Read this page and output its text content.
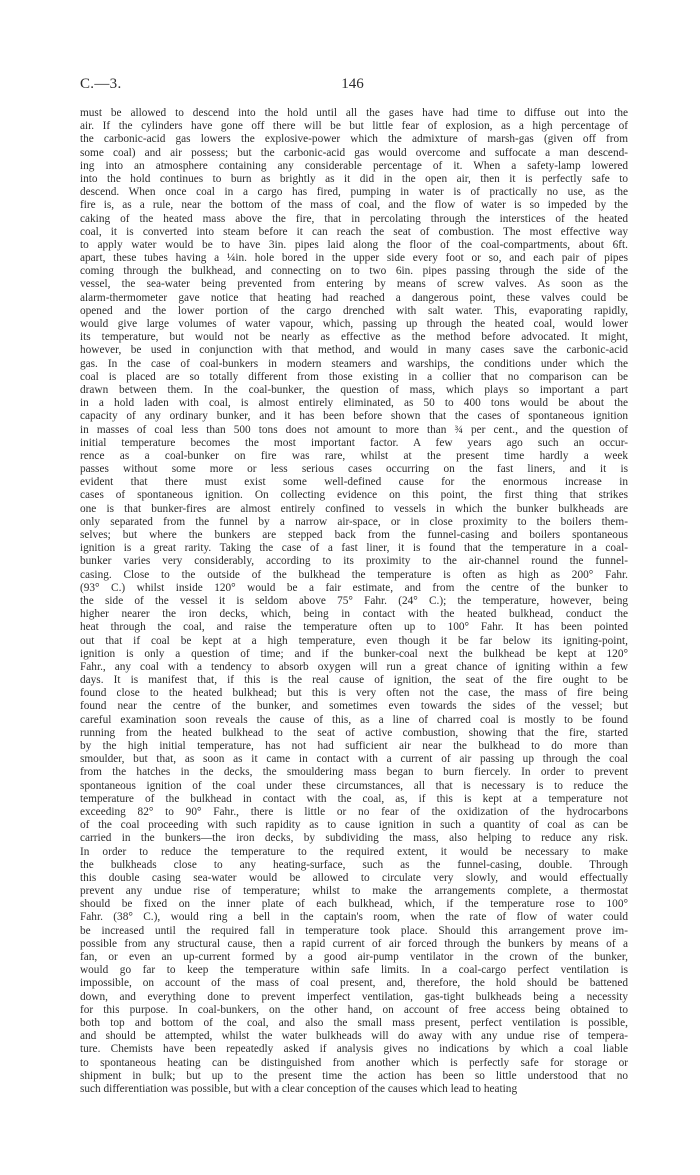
C.—3.	146
must be allowed to descend into the hold until all the gases have had time to diffuse out into the
air. If the cylinders have gone off there will be but little fear of explosion, as a high percentage of
the carbonic-acid gas lowers the explosive-power which the admixture of marsh-gas (given off from
some coal) and air possess; but the carbonic-acid gas would overcome and suffocate a man descend-
ing into an atmosphere containing any considerable percentage of it. When a safety-lamp lowered
into the hold continues to burn as brightly as it did in the open air, then it is perfectly safe to
descend. When once coal in a cargo has fired, pumping in water is of practically no use, as the
fire is, as a rule, near the bottom of the mass of coal, and the flow of water is so impeded by the
caking of the heated mass above the fire, that in percolating through the interstices of the heated
coal, it is converted into steam before it can reach the seat of combustion. The most effective way
to apply water would be to have 3in. pipes laid along the floor of the coal-compartments, about 6ft.
apart, these tubes having a ¼in. hole bored in the upper side every foot or so, and each pair of pipes
coming through the bulkhead, and connecting on to two 6in. pipes passing through the side of the
vessel, the sea-water being prevented from entering by means of screw valves. As soon as the
alarm-thermometer gave notice that heating had reached a dangerous point, these valves could be
opened and the lower portion of the cargo drenched with salt water. This, evaporating rapidly,
would give large volumes of water vapour, which, passing up through the heated coal, would lower
its temperature, but would not be nearly as effective as the method before advocated. It might,
however, be used in conjunction with that method, and would in many cases save the carbonic-acid
gas. In the case of coal-bunkers in modern steamers and warships, the conditions under which the
coal is placed are so totally different from those existing in a collier that no comparison can be
drawn between them. In the coal-bunker, the question of mass, which plays so important a part
in a hold laden with coal, is almost entirely eliminated, as 50 to 400 tons would be about the
capacity of any ordinary bunker, and it has been before shown that the cases of spontaneous ignition
in masses of coal less than 500 tons does not amount to more than ¾ per cent., and the question of
initial temperature becomes the most important factor. A few years ago such an occur-
rence as a coal-bunker on fire was rare, whilst at the present time hardly a week
passes without some more or less serious cases occurring on the fast liners, and it is
evident that there must exist some well-defined cause for the enormous increase in
cases of spontaneous ignition. On collecting evidence on this point, the first thing that strikes
one is that bunker-fires are almost entirely confined to vessels in which the bunker bulkheads are
only separated from the funnel by a narrow air-space, or in close proximity to the boilers them-
selves; but where the bunkers are stepped back from the funnel-casing and boilers spontaneous
ignition is a great rarity. Taking the case of a fast liner, it is found that the temperature in a coal-
bunker varies very considerably, according to its proximity to the air-channel round the funnel-
casing. Close to the outside of the bulkhead the temperature is often as high as 200° Fahr.
(93° C.) whilst inside 120° would be a fair estimate, and from the centre of the bunker to
the side of the vessel it is seldom above 75° Fahr. (24° C.); the temperature, however, being
higher nearer the iron decks, which, being in contact with the heated bulkhead, conduct the
heat through the coal, and raise the temperature often up to 100° Fahr. It has been pointed
out that if coal be kept at a high temperature, even though it be far below its igniting-point,
ignition is only a question of time; and if the bunker-coal next the bulkhead be kept at 120°
Fahr., any coal with a tendency to absorb oxygen will run a great chance of igniting within a few
days. It is manifest that, if this is the real cause of ignition, the seat of the fire ought to be
found close to the heated bulkhead; but this is very often not the case, the mass of fire being
found near the centre of the bunker, and sometimes even towards the sides of the vessel; but
careful examination soon reveals the cause of this, as a line of charred coal is mostly to be found
running from the heated bulkhead to the seat of active combustion, showing that the fire, started
by the high initial temperature, has not had sufficient air near the bulkhead to do more than
smoulder, but that, as soon as it came in contact with a current of air passing up through the coal
from the hatches in the decks, the smouldering mass began to burn fiercely. In order to prevent
spontaneous ignition of the coal under these circumstances, all that is necessary is to reduce the
temperature of the bulkhead in contact with the coal, as, if this is kept at a temperature not
exceeding 82° to 90° Fahr., there is little or no fear of the oxidization of the hydrocarbons
of the coal proceeding with such rapidity as to cause ignition in such a quantity of coal as can be
carried in the bunkers—the iron decks, by subdividing the mass, also helping to reduce any risk.
In order to reduce the temperature to the required extent, it would be necessary to make
the bulkheads close to any heating-surface, such as the funnel-casing, double. Through
this double casing sea-water would be allowed to circulate very slowly, and would effectually
prevent any undue rise of temperature; whilst to make the arrangements complete, a thermostat
should be fixed on the inner plate of each bulkhead, which, if the temperature rose to 100°
Fahr. (38° C.), would ring a bell in the captain's room, when the rate of flow of water could
be increased until the required fall in temperature took place. Should this arrangement prove im-
possible from any structural cause, then a rapid current of air forced through the bunkers by means of a
fan, or even an up-current formed by a good air-pump ventilator in the crown of the bunker,
would go far to keep the temperature within safe limits. In a coal-cargo perfect ventilation is
impossible, on account of the mass of coal present, and, therefore, the hold should be battened
down, and everything done to prevent imperfect ventilation, gas-tight bulkheads being a necessity
for this purpose. In coal-bunkers, on the other hand, on account of free access being obtained to
both top and bottom of the coal, and also the small mass present, perfect ventilation is possible,
and should be attempted, whilst the water bulkheads will do away with any undue rise of tempera-
ture. Chemists have been repeatedly asked if analysis gives no indications by which a coal liable
to spontaneous heating can be distinguished from another which is perfectly safe for storage or
shipment in bulk; but up to the present time the action has been so little understood that no
such differentiation was possible, but with a clear conception of the causes which lead to heating
